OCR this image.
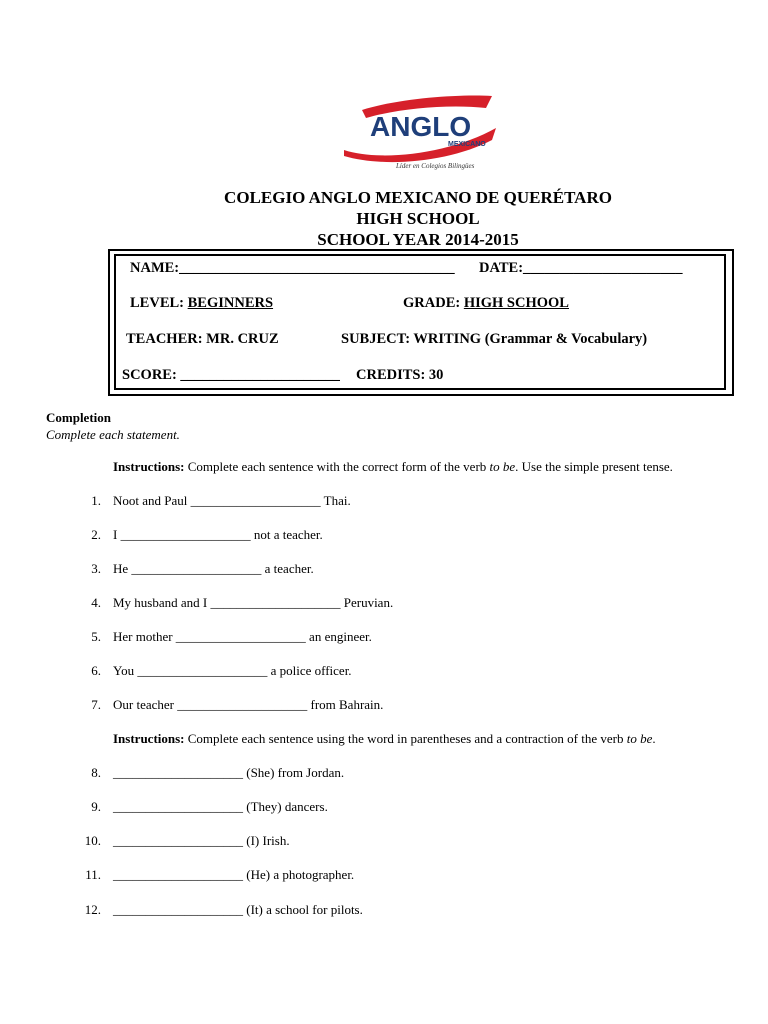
ANGLO
MEXICANO
Líder en Colegios Bilingües
COLEGIO ANGLO MEXICANO DE QUERÉTARO
HIGH SCHOOL
SCHOOL YEAR 2014-2015
NAME:______________________________________ DATE:______________________
LEVEL: BEGINNERS	GRADE: HIGH SCHOOL
TEACHER: MR. CRUZ	SUBJECT: WRITING (Grammar & Vocabulary)
SCORE: ______________________ CREDITS: 30
Completion
Complete each statement.
Instructions: Complete each sentence with the correct form of the verb to be. Use the simple present tense.
1. Noot and Paul ____________________ Thai.
2. I ____________________ not a teacher.
3. He ____________________ a teacher.
4. My husband and I ____________________ Peruvian.
5. Her mother ____________________ an engineer.
6. You ____________________ a police officer.
7. Our teacher ____________________ from Bahrain.
Instructions: Complete each sentence using the word in parentheses and a contraction of the verb to be.
8. ____________________ (She) from Jordan.
9. ____________________ (They) dancers.
10. ____________________ (I) Irish.
11. ____________________ (He) a photographer.
12. ____________________ (It) a school for pilots.
